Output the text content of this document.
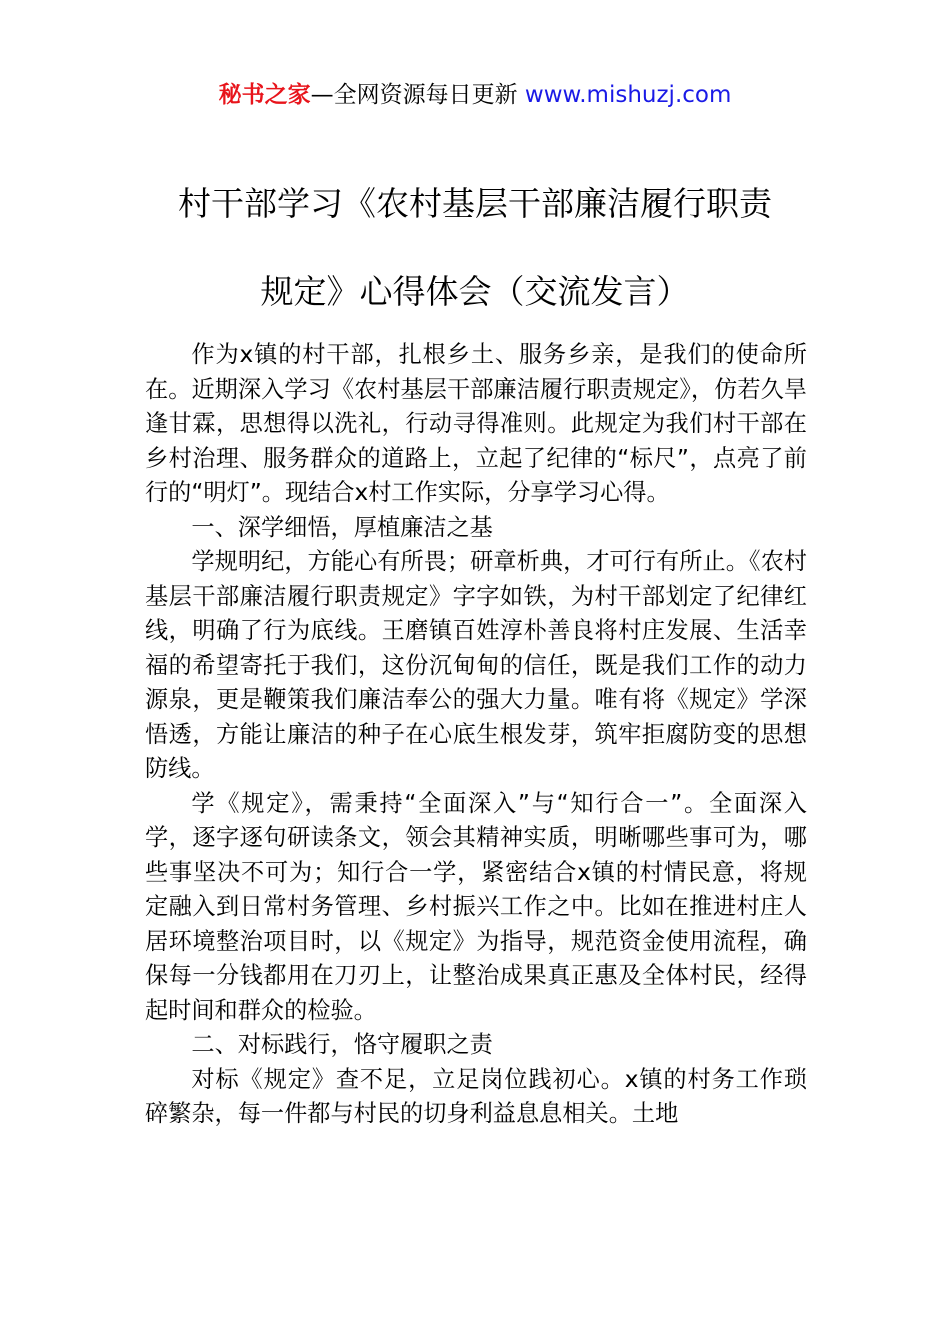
秘书之家—全网资源每日更新 www.mishuzj.com
村干部学习《农村基层干部廉洁履行职责
规定》心得体会（交流发言）

作为x镇的村干部，扎根乡土、服务乡亲，是我们的使命所在。近期深入学习《农村基层干部廉洁履行职责规定》，仿若久旱逢甘霖，思想得以洗礼，行动寻得准则。此规定为我们村干部在乡村治理、服务群众的道路上，立起了纪律的“标尺”，点亮了前行的“明灯”。现结合x村工作实际，分享学习心得。

一、深学细悟，厚植廉洁之基

学规明纪，方能心有所畏；研章析典，才可行有所止。《农村基层干部廉洁履行职责规定》字字如铁，为村干部划定了纪律红线，明确了行为底线。王磨镇百姓淳朴善良将村庄发展、生活幸福的希望寄托于我们，这份沉甸甸的信任，既是我们工作的动力源泉，更是鞭策我们廉洁奉公的强大力量。唯有将《规定》学深悟透，方能让廉洁的种子在心底生根发芽，筑牢拒腐防变的思想防线。

学《规定》，需秉持“全面深入”与“知行合一”。全面深入学，逐字逐句研读条文，领会其精神实质，明晰哪些事可为，哪些事坚决不可为；知行合一学，紧密结合x镇的村情民意，将规定融入到日常村务管理、乡村振兴工作之中。比如在推进村庄人居环境整治项目时，以《规定》为指导，规范资金使用流程，确保每一分钱都用在刀刃上，让整治成果真正惠及全体村民，经得起时间和群众的检验。

二、对标践行，恪守履职之责

对标《规定》查不足，立足岗位践初心。x镇的村务工作琐碎繁杂，每一件都与村民的切身利益息息相关。土地
